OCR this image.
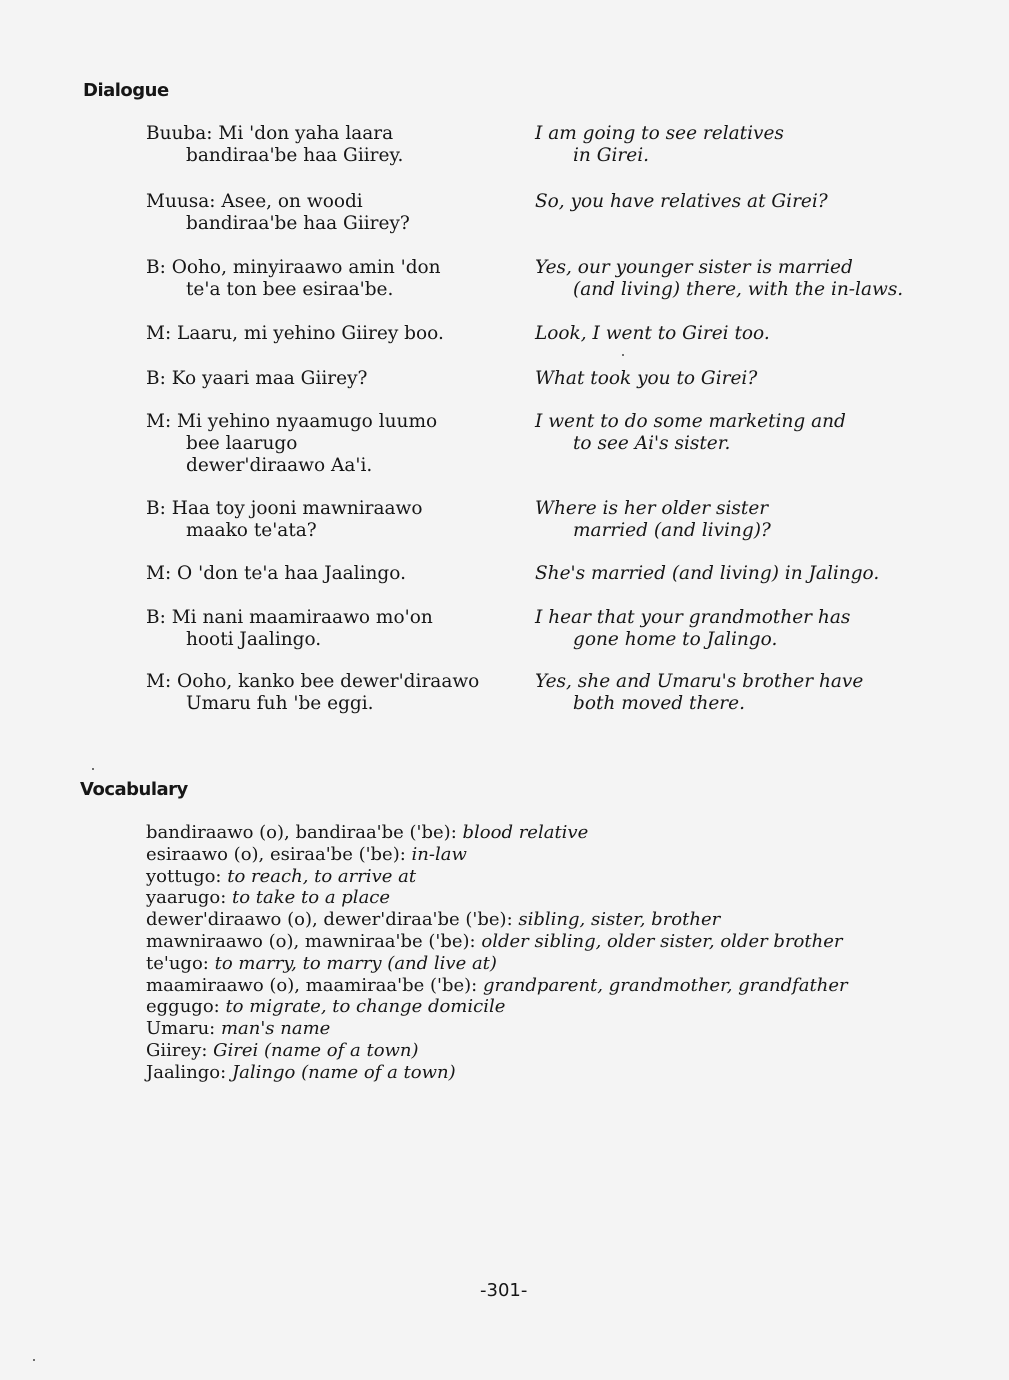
Dialogue
Buuba: Mi 'don yaha laara
bandiraa'be haa Giirey.
I am going to see relatives
in Girei.
Muusa: Asee, on woodi
bandiraa'be haa Giirey?
So, you have relatives at Girei?
B: Ooho, minyiraawo amin 'don
te'a ton bee esiraa'be.
Yes, our younger sister is married
(and living) there, with the in-laws.
M: Laaru, mi yehino Giirey boo.	Look, I went to Girei too.
B: Ko yaari maa Giirey?	What took you to Girei?
M: Mi yehino nyaamugo luumo
bee laarugo
dewer'diraawo Aa'i.
I went to do some marketing and
to see Ai's sister.
B: Haa toy jooni mawniraawo
maako te'ata?
Where is her older sister
married (and living)?
M: O 'don te'a haa Jaalingo.	She's married (and living) in Jalingo.
B: Mi nani maamiraawo mo'on
hooti Jaalingo.
I hear that your grandmother has
gone home to Jalingo.
M: Ooho, kanko bee dewer'diraawo
Umaru fuh 'be eggi.
Yes, she and Umaru's brother have
both moved there.
Vocabulary
bandiraawo (o), bandiraa'be ('be): blood relative
esiraawo (o), esiraa'be ('be): in-law
yottugo: to reach, to arrive at
yaarugo: to take to a place
dewer'diraawo (o), dewer'diraa'be ('be): sibling, sister, brother
mawniraawo (o), mawniraa'be ('be): older sibling, older sister, older brother
te'ugo: to marry, to marry (and live at)
maamiraawo (o), maamiraa'be ('be): grandparent, grandmother, grandfather
eggugo: to migrate, to change domicile
Umaru: man's name
Giirey: Girei (name of a town)
Jaalingo: Jalingo (name of a town)
-301-
